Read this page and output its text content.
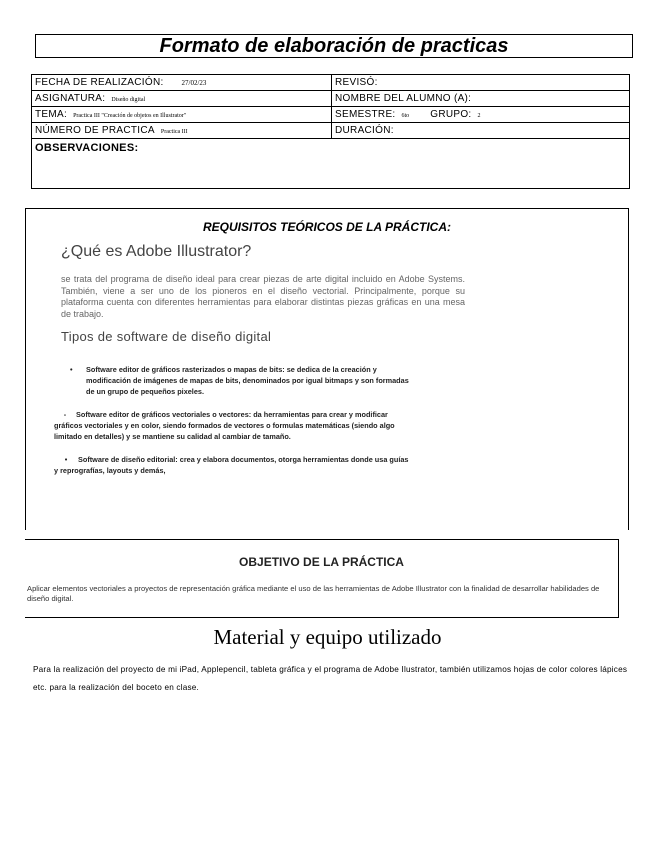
Formato de elaboración de practicas
FECHA DE REALIZACIÓN: 27/02/23	REVISÓ:
ASIGNATURA: Diseño digital	NOMBRE DEL ALUMNO (A):
TEMA: Practica III "Creación de objetos en Illustrator"	SEMESTRE: 6to GRUPO: 2
NÚMERO DE PRACTICA Practica III	DURACIÓN:
OBSERVACIONES:	
REQUISITOS TEÓRICOS DE LA PRÁCTICA:
¿Qué es Adobe Illustrator?
se trata del programa de diseño ideal para crear piezas de arte digital incluido en Adobe Systems. También, viene a ser uno de los pioneros en el diseño vectorial. Principalmente, porque su plataforma cuenta con diferentes herramientas para elaborar distintas piezas gráficas en una mesa de trabajo.
Tipos de software de diseño digital

• Software editor de gráficos rasterizados o mapas de bits: se dedica de la creación y modificación de imágenes de mapas de bits, denominados por igual bitmaps y son formadas de un grupo de pequeños pixeles.

- Software editor de gráficos vectoriales o vectores: da herramientas para crear y modificar gráficos vectoriales y en color, siendo formados de vectores o formulas matemáticas (siendo algo limitado en detalles) y se mantiene su calidad al cambiar de tamaño.

• Software de diseño editorial: crea y elabora documentos, otorga herramientas donde usa guías y reprografías, layouts y demás,

OBJETIVO DE LA PRÁCTICA
Aplicar elementos vectoriales a proyectos de representación gráfica mediante el uso de las herramientas de Adobe Illustrator con la finalidad de desarrollar habilidades de diseño digital.
Material y equipo utilizado
Para la realización del proyecto de mi iPad, Applepencil, tableta gráfica y el programa de Adobe Ilustrator, también utilizamos hojas de color colores lápices etc. para la realización del boceto en clase.
